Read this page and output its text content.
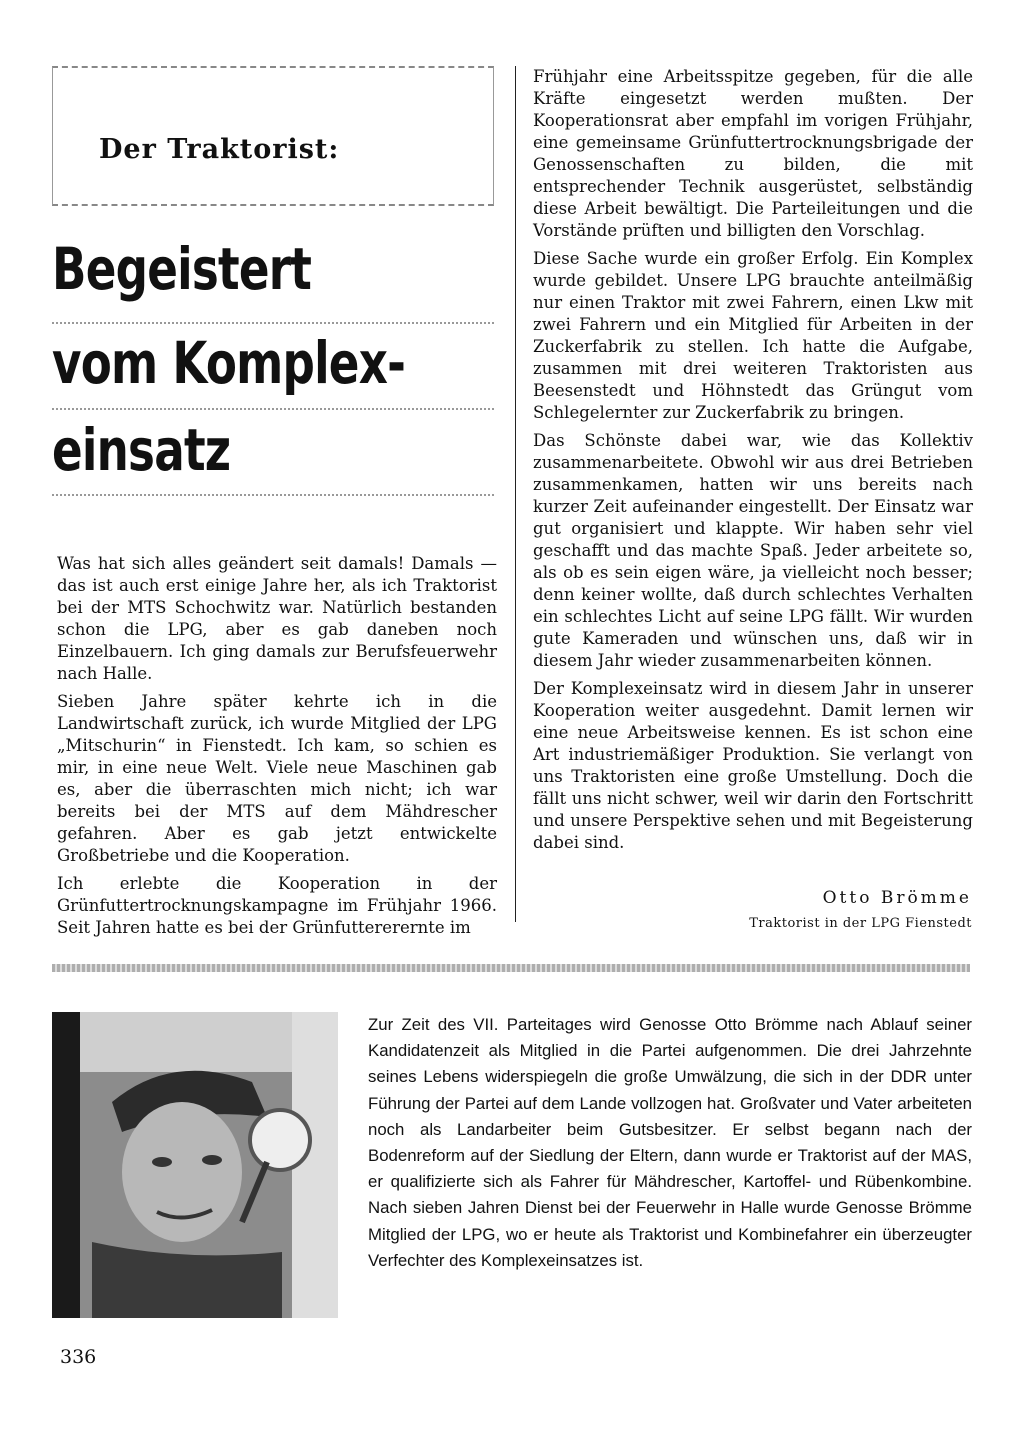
Der Traktorist:
Begeistert
vom Komplex-
einsatz

Was hat sich alles geändert seit damals! Damals — das ist auch erst einige Jahre her, als ich Traktorist bei der MTS Schochwitz war. Natürlich bestanden schon die LPG, aber es gab daneben noch Einzelbauern. Ich ging damals zur Berufsfeuerwehr nach Halle.

Sieben Jahre später kehrte ich in die Landwirtschaft zurück, ich wurde Mitglied der LPG „Mitschurin“ in Fienstedt. Ich kam, so schien es mir, in eine neue Welt. Viele neue Maschinen gab es, aber die überraschten mich nicht; ich war bereits bei der MTS auf dem Mähdrescher gefahren. Aber es gab jetzt entwickelte Großbetriebe und die Kooperation.

Ich erlebte die Kooperation in der Grünfuttertrocknungskampagne im Frühjahr 1966. Seit Jahren hatte es bei der Grünfuttererernte im

Frühjahr eine Arbeitsspitze gegeben, für die alle Kräfte eingesetzt werden mußten. Der Kooperationsrat aber empfahl im vorigen Frühjahr, eine gemeinsame Grünfuttertrocknungsbrigade der Genossenschaften zu bilden, die mit entsprechender Technik ausgerüstet, selbständig diese Arbeit bewältigt. Die Parteileitungen und die Vorstände prüften und billigten den Vorschlag.

Diese Sache wurde ein großer Erfolg. Ein Komplex wurde gebildet. Unsere LPG brauchte anteilmäßig nur einen Traktor mit zwei Fahrern, einen Lkw mit zwei Fahrern und ein Mitglied für Arbeiten in der Zuckerfabrik zu stellen. Ich hatte die Aufgabe, zusammen mit drei weiteren Traktoristen aus Beesenstedt und Höhnstedt das Grüngut vom Schlegelernter zur Zuckerfabrik zu bringen.

Das Schönste dabei war, wie das Kollektiv zusammenarbeitete. Obwohl wir aus drei Betrieben zusammenkamen, hatten wir uns bereits nach kurzer Zeit aufeinander eingestellt. Der Einsatz war gut organisiert und klappte. Wir haben sehr viel geschafft und das machte Spaß. Jeder arbeitete so, als ob es sein eigen wäre, ja vielleicht noch besser; denn keiner wollte, daß durch schlechtes Verhalten ein schlechtes Licht auf seine LPG fällt. Wir wurden gute Kameraden und wünschen uns, daß wir in diesem Jahr wieder zusammenarbeiten können.

Der Komplexeinsatz wird in diesem Jahr in unserer Kooperation weiter ausgedehnt. Damit lernen wir eine neue Arbeitsweise kennen. Es ist schon eine Art industriemäßiger Produktion. Sie verlangt von uns Traktoristen eine große Umstellung. Doch die fällt uns nicht schwer, weil wir darin den Fortschritt und unsere Perspektive sehen und mit Begeisterung dabei sind.

Otto Brömme
Traktorist in der LPG Fienstedt

Zur Zeit des VII. Parteitages wird Genosse Otto Brömme nach Ablauf seiner Kandidatenzeit als Mitglied in die Partei aufgenommen. Die drei Jahrzehnte seines Lebens widerspiegeln die große Umwälzung, die sich in der DDR unter Führung der Partei auf dem Lande vollzogen hat. Großvater und Vater arbeiteten noch als Landarbeiter beim Gutsbesitzer. Er selbst begann nach der Bodenreform auf der Siedlung der Eltern, dann wurde er Traktorist auf der MAS, er qualifizierte sich als Fahrer für Mähdrescher, Kartoffel- und Rübenkombine. Nach sieben Jahren Dienst bei der Feuerwehr in Halle wurde Genosse Brömme Mitglied der LPG, wo er heute als Traktorist und Kombinefahrer ein überzeugter Verfechter des Komplexeinsatzes ist.

336
